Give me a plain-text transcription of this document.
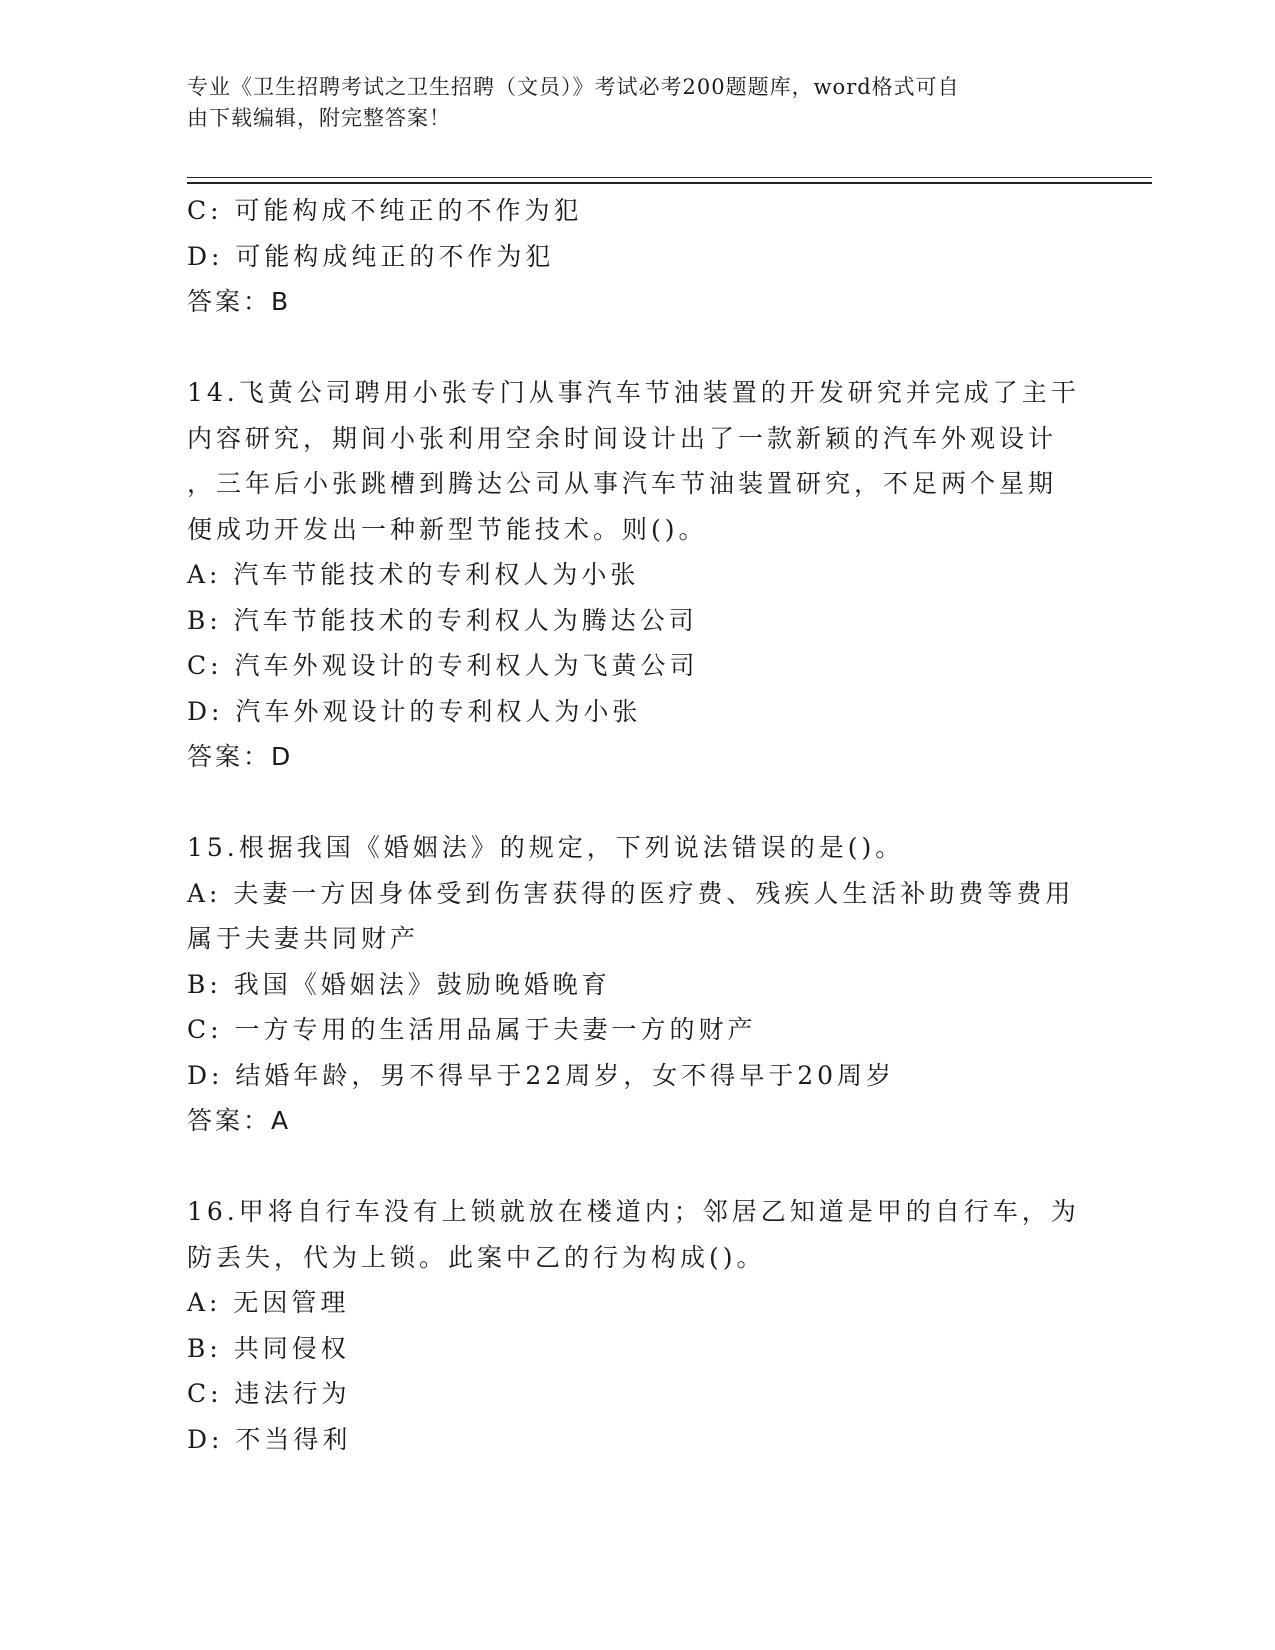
专业《卫生招聘考试之卫生招聘（文员）》考试必考200题题库，word格式可自
由下载编辑，附完整答案！
C: 可能构成不纯正的不作为犯
D: 可能构成纯正的不作为犯
答案：B
14.飞黄公司聘用小张专门从事汽车节油装置的开发研究并完成了主干
内容研究，期间小张利用空余时间设计出了一款新颖的汽车外观设计
，三年后小张跳槽到腾达公司从事汽车节油装置研究，不足两个星期
便成功开发出一种新型节能技术。则()。
A: 汽车节能技术的专利权人为小张
B: 汽车节能技术的专利权人为腾达公司
C: 汽车外观设计的专利权人为飞黄公司
D: 汽车外观设计的专利权人为小张
答案：D
15.根据我国《婚姻法》的规定，下列说法错误的是()。
A: 夫妻一方因身体受到伤害获得的医疗费、残疾人生活补助费等费用
属于夫妻共同财产
B: 我国《婚姻法》鼓励晚婚晚育
C: 一方专用的生活用品属于夫妻一方的财产
D: 结婚年龄，男不得早于22周岁，女不得早于20周岁
答案：A
16.甲将自行车没有上锁就放在楼道内；邻居乙知道是甲的自行车，为
防丢失，代为上锁。此案中乙的行为构成()。
A: 无因管理
B: 共同侵权
C: 违法行为
D: 不当得利
